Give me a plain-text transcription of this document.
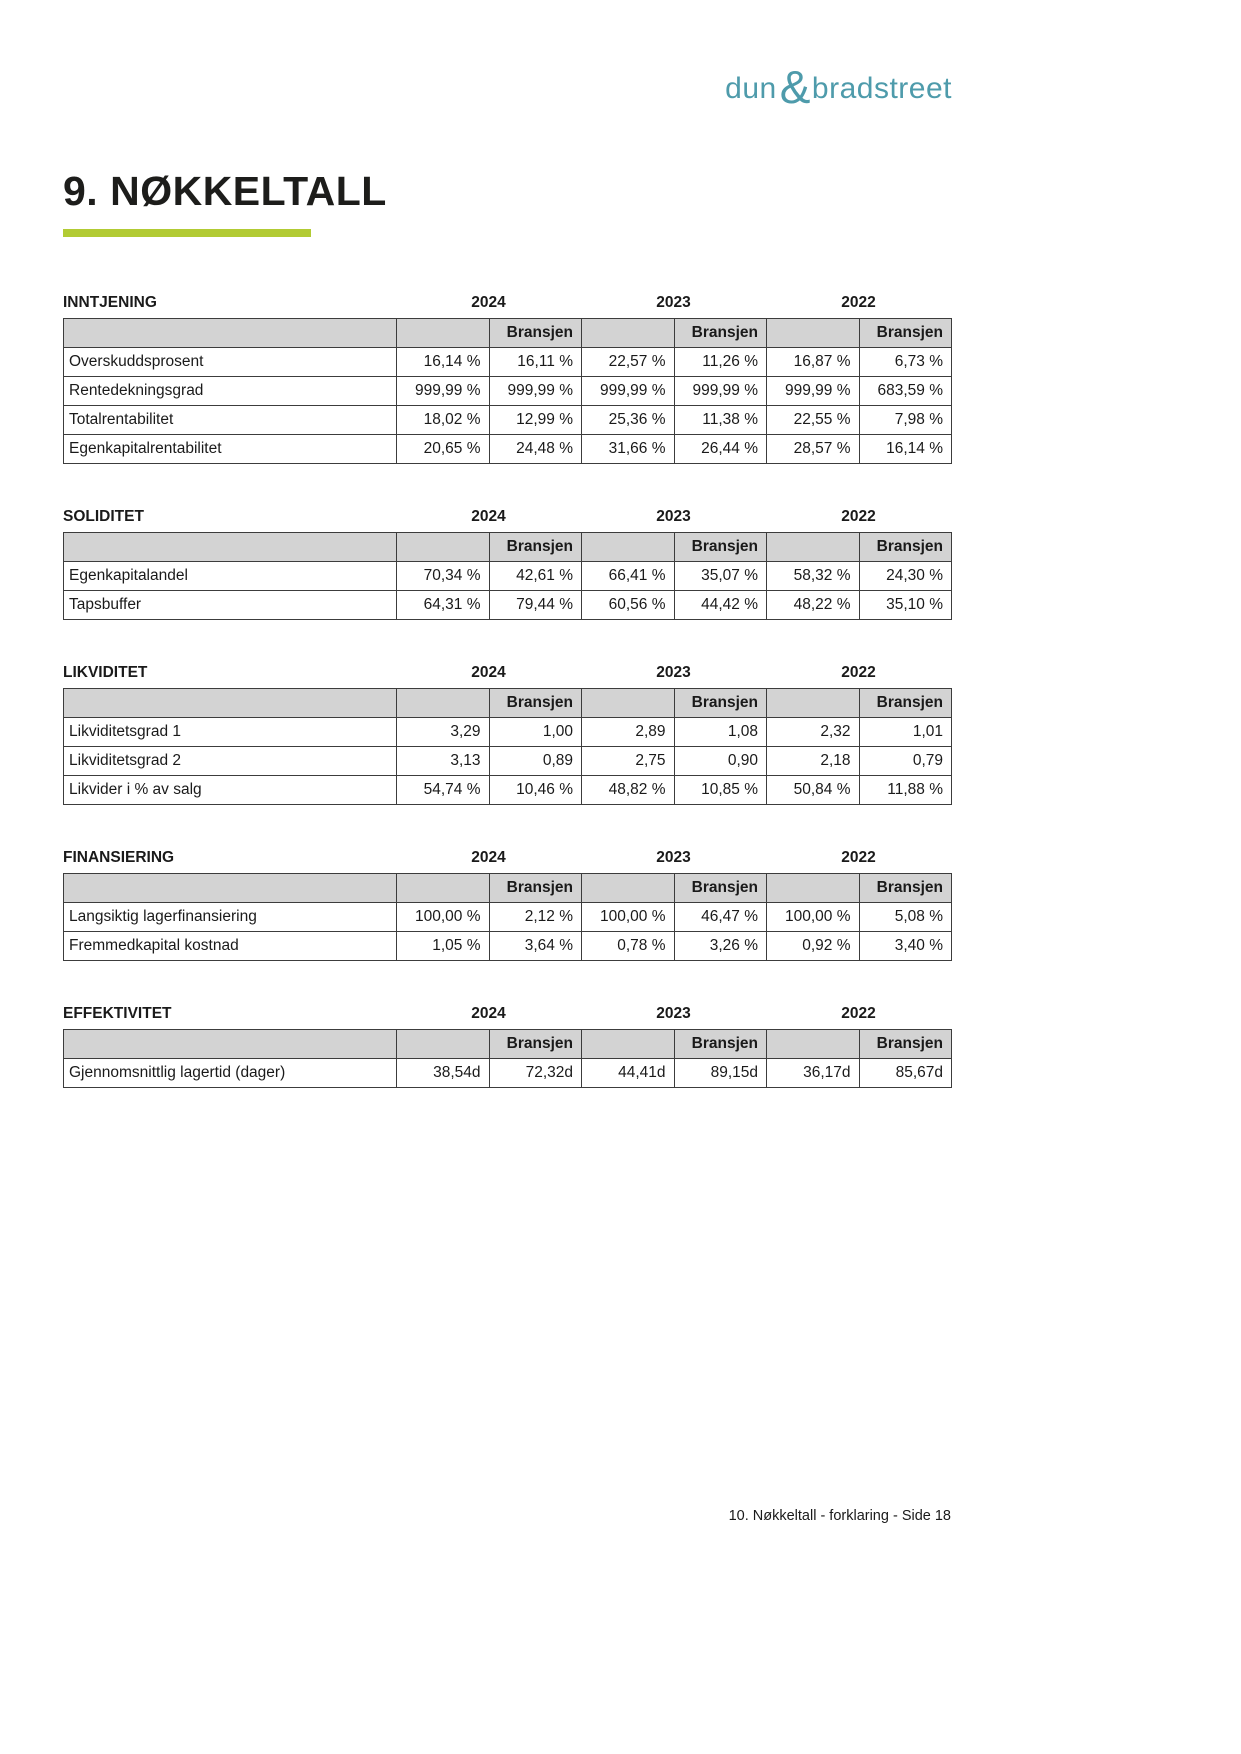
dun & bradstreet
9. NØKKELTALL
INNTJENING	2024	2023	2022
		Bransjen		Bransjen		Bransjen
Overskuddsprosent	16,14 %	16,11 %	22,57 %	11,26 %	16,87 %	6,73 %
Rentedekningsgrad	999,99 %	999,99 %	999,99 %	999,99 %	999,99 %	683,59 %
Totalrentabilitet	18,02 %	12,99 %	25,36 %	11,38 %	22,55 %	7,98 %
Egenkapitalrentabilitet	20,65 %	24,48 %	31,66 %	26,44 %	28,57 %	16,14 %
SOLIDITET	2024	2023	2022
		Bransjen		Bransjen		Bransjen
Egenkapitalandel	70,34 %	42,61 %	66,41 %	35,07 %	58,32 %	24,30 %
Tapsbuffer	64,31 %	79,44 %	60,56 %	44,42 %	48,22 %	35,10 %
LIKVIDITET	2024	2023	2022
		Bransjen		Bransjen		Bransjen
Likviditetsgrad 1	3,29	1,00	2,89	1,08	2,32	1,01
Likviditetsgrad 2	3,13	0,89	2,75	0,90	2,18	0,79
Likvider i % av salg	54,74 %	10,46 %	48,82 %	10,85 %	50,84 %	11,88 %
FINANSIERING	2024	2023	2022
		Bransjen		Bransjen		Bransjen
Langsiktig lagerfinansiering	100,00 %	2,12 %	100,00 %	46,47 %	100,00 %	5,08 %
Fremmedkapital kostnad	1,05 %	3,64 %	0,78 %	3,26 %	0,92 %	3,40 %
EFFEKTIVITET	2024	2023	2022
		Bransjen		Bransjen		Bransjen
Gjennomsnittlig lagertid (dager)	38,54d	72,32d	44,41d	89,15d	36,17d	85,67d
10. Nøkkeltall - forklaring - Side 18
